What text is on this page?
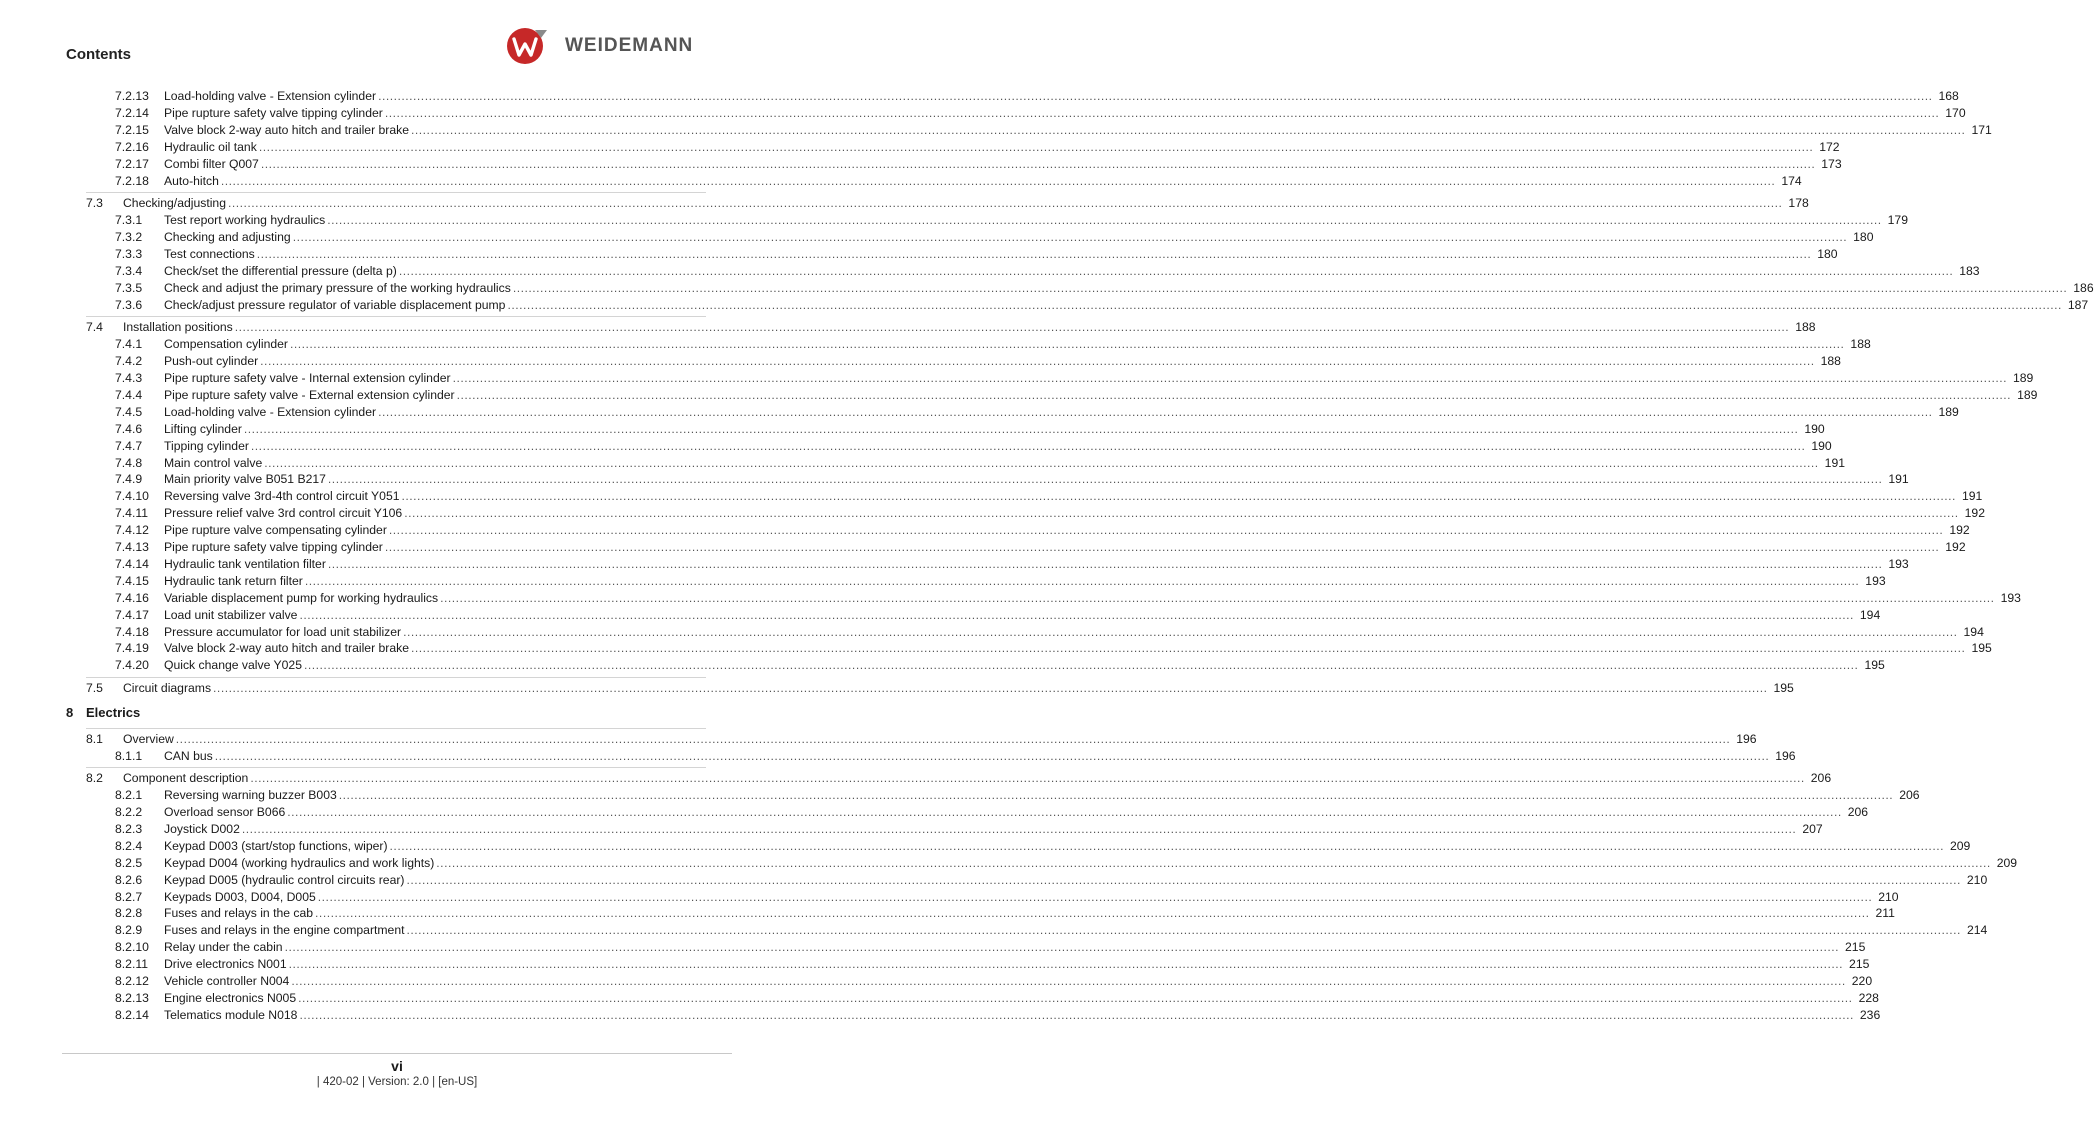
Contents	WEIDEMANN
7.2.13 Load-holding valve - Extension cylinder ................................................................................................................................................................................................................................................................................................................................................................................................................ 168
7.2.14 Pipe rupture safety valve tipping cylinder ................................................................................................................................................................................................................................................................................................................................................................................................................ 170
7.2.15 Valve block 2-way auto hitch and trailer brake ................................................................................................................................................................................................................................................................................................................................................................................................................ 171
7.2.16 Hydraulic oil tank ................................................................................................................................................................................................................................................................................................................................................................................................................ 172
7.2.17 Combi filter Q007 ................................................................................................................................................................................................................................................................................................................................................................................................................ 173
7.2.18 Auto-hitch ................................................................................................................................................................................................................................................................................................................................................................................................................ 174
7.3 Checking/adjusting ................................................................................................................................................................................................................................................................................................................................................................................................................ 178
7.3.1 Test report working hydraulics ................................................................................................................................................................................................................................................................................................................................................................................................................ 179
7.3.2 Checking and adjusting ................................................................................................................................................................................................................................................................................................................................................................................................................ 180
7.3.3 Test connections ................................................................................................................................................................................................................................................................................................................................................................................................................ 180
7.3.4 Check/set the differential pressure (delta p) ................................................................................................................................................................................................................................................................................................................................................................................................................ 183
7.3.5 Check and adjust the primary pressure of the working hydraulics ................................................................................................................................................................................................................................................................................................................................................................................................................ 186
7.3.6 Check/adjust pressure regulator of variable displacement pump ................................................................................................................................................................................................................................................................................................................................................................................................................ 187
7.4 Installation positions ................................................................................................................................................................................................................................................................................................................................................................................................................ 188
7.4.1 Compensation cylinder ................................................................................................................................................................................................................................................................................................................................................................................................................ 188
7.4.2 Push-out cylinder ................................................................................................................................................................................................................................................................................................................................................................................................................ 188
7.4.3 Pipe rupture safety valve - Internal extension cylinder ................................................................................................................................................................................................................................................................................................................................................................................................................ 189
7.4.4 Pipe rupture safety valve - External extension cylinder ................................................................................................................................................................................................................................................................................................................................................................................................................ 189
7.4.5 Load-holding valve - Extension cylinder ................................................................................................................................................................................................................................................................................................................................................................................................................ 189
7.4.6 Lifting cylinder ................................................................................................................................................................................................................................................................................................................................................................................................................ 190
7.4.7 Tipping cylinder ................................................................................................................................................................................................................................................................................................................................................................................................................ 190
7.4.8 Main control valve ................................................................................................................................................................................................................................................................................................................................................................................................................ 191
7.4.9 Main priority valve B051 B217 ................................................................................................................................................................................................................................................................................................................................................................................................................ 191
7.4.10 Reversing valve 3rd-4th control circuit Y051 ................................................................................................................................................................................................................................................................................................................................................................................................................ 191
7.4.11 Pressure relief valve 3rd control circuit Y106 ................................................................................................................................................................................................................................................................................................................................................................................................................ 192
7.4.12 Pipe rupture valve compensating cylinder ................................................................................................................................................................................................................................................................................................................................................................................................................ 192
7.4.13 Pipe rupture safety valve tipping cylinder ................................................................................................................................................................................................................................................................................................................................................................................................................ 192
7.4.14 Hydraulic tank ventilation filter ................................................................................................................................................................................................................................................................................................................................................................................................................ 193
7.4.15 Hydraulic tank return filter ................................................................................................................................................................................................................................................................................................................................................................................................................ 193
7.4.16 Variable displacement pump for working hydraulics ................................................................................................................................................................................................................................................................................................................................................................................................................ 193
7.4.17 Load unit stabilizer valve ................................................................................................................................................................................................................................................................................................................................................................................................................ 194
7.4.18 Pressure accumulator for load unit stabilizer ................................................................................................................................................................................................................................................................................................................................................................................................................ 194
7.4.19 Valve block 2-way auto hitch and trailer brake ................................................................................................................................................................................................................................................................................................................................................................................................................ 195
7.4.20 Quick change valve Y025 ................................................................................................................................................................................................................................................................................................................................................................................................................ 195
7.5 Circuit diagrams ................................................................................................................................................................................................................................................................................................................................................................................................................ 195
8 Electrics
8.1 Overview ................................................................................................................................................................................................................................................................................................................................................................................................................ 196
8.1.1 CAN bus ................................................................................................................................................................................................................................................................................................................................................................................................................ 196
8.2 Component description ................................................................................................................................................................................................................................................................................................................................................................................................................ 206
8.2.1 Reversing warning buzzer B003 ................................................................................................................................................................................................................................................................................................................................................................................................................ 206
8.2.2 Overload sensor B066 ................................................................................................................................................................................................................................................................................................................................................................................................................ 206
8.2.3 Joystick D002 ................................................................................................................................................................................................................................................................................................................................................................................................................ 207
8.2.4 Keypad D003 (start/stop functions, wiper) ................................................................................................................................................................................................................................................................................................................................................................................................................ 209
8.2.5 Keypad D004 (working hydraulics and work lights) ................................................................................................................................................................................................................................................................................................................................................................................................................ 209
8.2.6 Keypad D005 (hydraulic control circuits rear) ................................................................................................................................................................................................................................................................................................................................................................................................................ 210
8.2.7 Keypads D003, D004, D005 ................................................................................................................................................................................................................................................................................................................................................................................................................ 210
8.2.8 Fuses and relays in the cab ................................................................................................................................................................................................................................................................................................................................................................................................................ 211
8.2.9 Fuses and relays in the engine compartment ................................................................................................................................................................................................................................................................................................................................................................................................................ 214
8.2.10 Relay under the cabin ................................................................................................................................................................................................................................................................................................................................................................................................................ 215
8.2.11 Drive electronics N001 ................................................................................................................................................................................................................................................................................................................................................................................................................ 215
8.2.12 Vehicle controller N004 ................................................................................................................................................................................................................................................................................................................................................................................................................ 220
8.2.13 Engine electronics N005 ................................................................................................................................................................................................................................................................................................................................................................................................................ 228
8.2.14 Telematics module N018 ................................................................................................................................................................................................................................................................................................................................................................................................................ 236
vi
| 420-02 | Version: 2.0 | [en-US]
